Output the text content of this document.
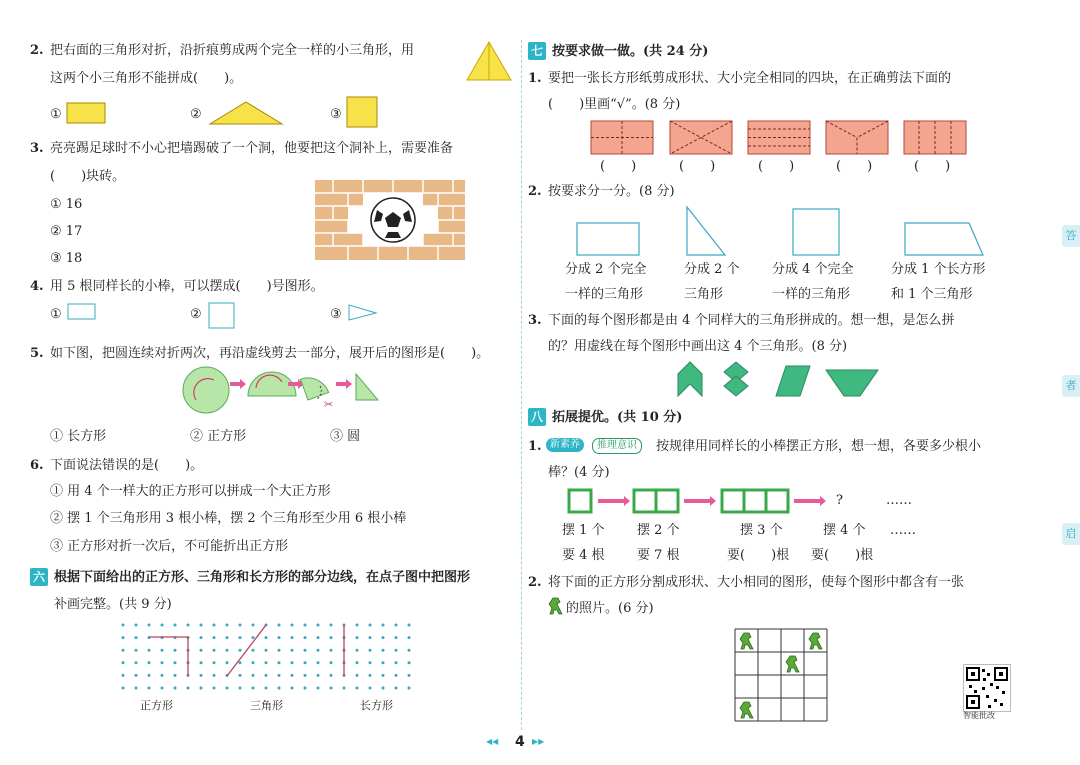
2. 把右面的三角形对折，沿折痕剪成两个完全一样的小三角形，用
这两个小三角形不能拼成(　　)。
①	②	③
3. 亮亮踢足球时不小心把墙踢破了一个洞，他要把这个洞补上，需要准备
(　　)块砖。
① 16
② 17
③ 18
4. 用 5 根同样长的小棒，可以摆成(　　)号图形。
①	②	③
5. 如下图，把圆连续对折两次，再沿虚线剪去一部分，展开后的图形是(　　)。
✂
① 长方形	② 正方形	③ 圆
6. 下面说法错误的是(　　)。
① 用 4 个一样大的正方形可以拼成一个大正方形
② 摆 1 个三角形用 3 根小棒，摆 2 个三角形至少用 6 根小棒
③ 正方形对折一次后，不可能折出正方形
六 根据下面给出的正方形、三角形和长方形的部分边线，在点子图中把图形
补画完整。(共 9 分)
正方形	三角形	长方形
七 按要求做一做。(共 24 分)
1. 要把一张长方形纸剪成形状、大小完全相同的四块，在正确剪法下面的
(　　)里画“√”。(8 分)
(　　)	(　　)	(　　)	(　　)	(　　)
2. 按要求分一分。(8 分)
分成 2 个完全
一样的三角形
分成 2 个
三角形
分成 4 个完全
一样的三角形
分成 1 个长方形
和 1 个三角形
3. 下面的每个图形都是由 4 个同样大的三角形拼成的。想一想，是怎么拼
的？用虚线在每个图形中画出这 4 个三角形。(8 分)
八 拓展提优。(共 10 分)
1. 新素养	推理意识	按规律用同样长的小棒摆正方形，想一想，各要多少根小
棒？(4 分)
?	……
摆 1 个 摆 2 个	摆 3 个	摆 4 个 ……
要 4 根 要 7 根	要(　　)根 要(　　)根
2. 将下面的正方形分割成形状、大小相同的图形，使每个图形中都含有一张
的照片。(6 分)
智能批改
答
者
启
◀◀ 4 ▶▶
